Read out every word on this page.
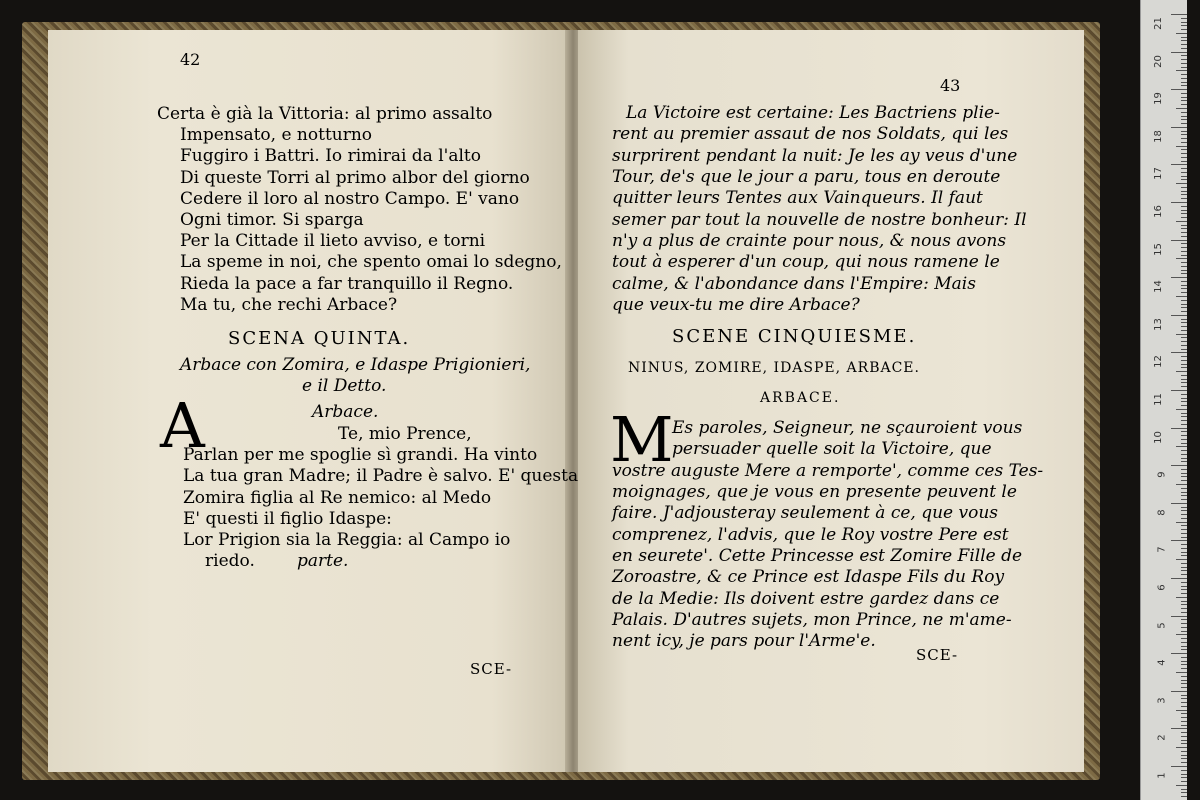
42
Certa è già la Vittoria: al primo assalto
Impensato, e notturno
Fuggiro i Battri. Io rimirai da l'alto
Di queste Torri al primo albor del giorno
Cedere il loro al nostro Campo. E' vano
Ogni timor. Si sparga
Per la Cittade il lieto avviso, e torni
La speme in noi, che spento omai lo sdegno,
Rieda la pace a far tranquillo il Regno.
Ma tu, che rechi Arbace?
SCENA QUINTA.
Arbace con Zomira, e Idaspe Prigionieri,
e il Detto.
Arbace.
A	Te, mio Prence,
Parlan per me spoglie sì grandi. Ha vinto
La tua gran Madre; il Padre è salvo. E' questa
Zomira figlia al Re nemico: al Medo
E' questi il figlio Idaspe:
Lor Prigion sia la Reggia: al Campo io
riedo. parte.
SCE-
43
La Victoire est certaine: Les Bactriens plie-
rent au premier assaut de nos Soldats, qui les
surprirent pendant la nuit: Je les ay veus d'une
Tour, de's que le jour a paru, tous en deroute
quitter leurs Tentes aux Vainqueurs. Il faut
semer par tout la nouvelle de nostre bonheur: Il
n'y a plus de crainte pour nous, & nous avons
tout à esperer d'un coup, qui nous ramene le
calme, & l'abondance dans l'Empire: Mais
que veux-tu me dire Arbace?
SCENE CINQUIESME.
NINUS, ZOMIRE, IDASPE, ARBACE.
ARBACE.
M
Es paroles, Seigneur, ne sçauroient vous
persuader quelle soit la Victoire, que
vostre auguste Mere a remporte', comme ces Tes-
moignages, que je vous en presente peuvent le
faire. J'adjousteray seulement à ce, que vous
comprenez, l'advis, que le Roy vostre Pere est
en seurete'. Cette Princesse est Zomire Fille de
Zoroastre, & ce Prince est Idaspe Fils du Roy
de la Medie: Ils doivent estre gardez dans ce
Palais. D'autres sujets, mon Prince, ne m'ame-
nent icy, je pars pour l'Arme'e.
SCE-
21
20
19
18
17
16
15
14
13
12
11
10
9
8
7
6
5
4
3
2
1
